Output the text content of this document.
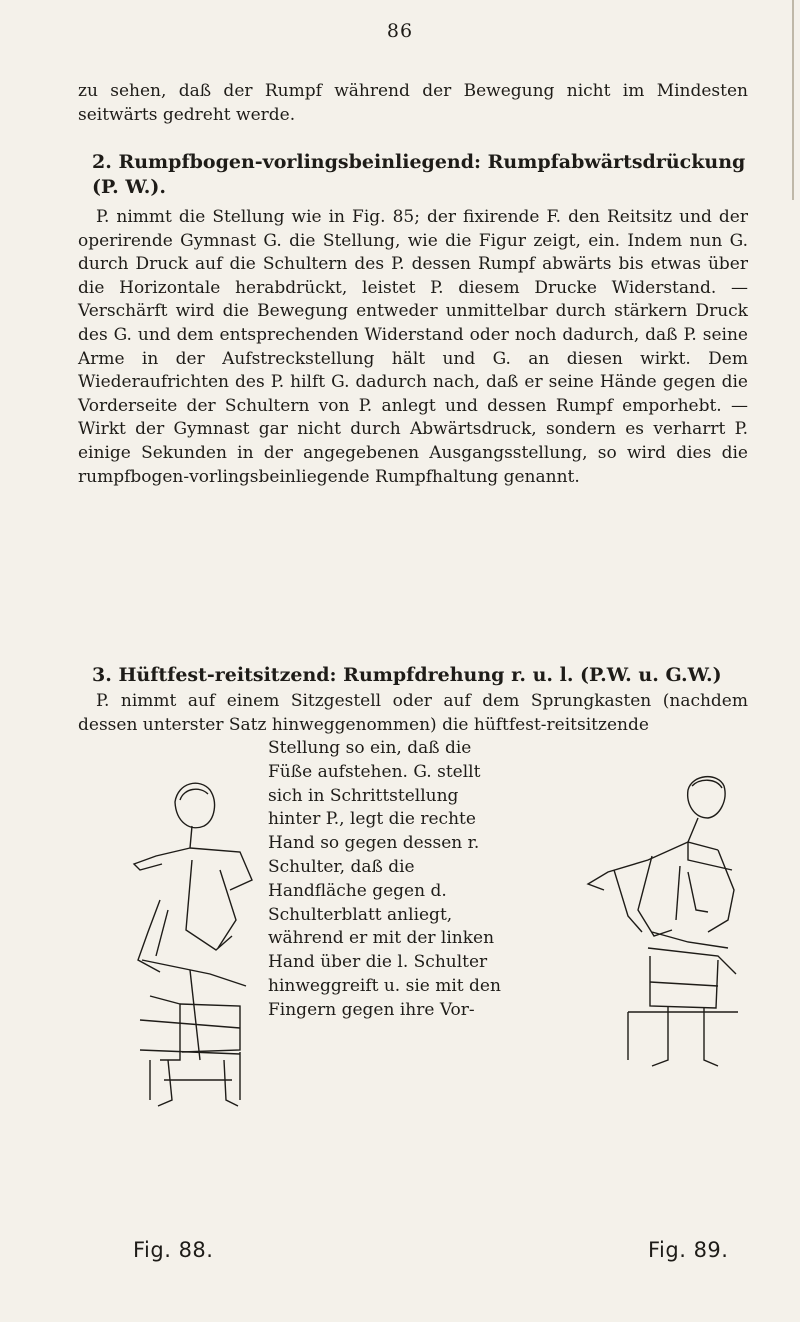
86

zu sehen, daß der Rumpf während der Bewegung nicht im Mindesten seitwärts gedreht werde.

2. Rumpfbogen-vorlingsbeinliegend: Rumpfabwärtsdrückung (P. W.).

P. nimmt die Stellung wie in Fig. 85; der fixirende F. den Reitsitz und der operirende Gymnast G. die Stellung, wie die Figur zeigt, ein. Indem nun G. durch Druck auf die Schultern des P. dessen Rumpf abwärts bis etwas über die Horizontale herabdrückt, leistet P. diesem Drucke Widerstand. — Verschärft wird die Bewegung entweder unmittelbar durch stärkern Druck des G. und dem entsprechenden Widerstand oder noch dadurch, daß P. seine Arme in der Aufstreckstellung hält und G. an diesen wirkt. Dem Wiederaufrichten des P. hilft G. dadurch nach, daß er seine Hände gegen die Vorderseite der Schultern von P. anlegt und dessen Rumpf emporhebt. — Wirkt der Gymnast gar nicht durch Abwärtsdruck, sondern es verharrt P. einige Sekunden in der angegebenen Ausgangsstellung, so wird dies die rumpfbogen-vorlingsbeinliegende Rumpfhaltung genannt.

3. Hüftfest-reitsitzend: Rumpfdrehung r. u. l. (P.W. u. G.W.)

P. nimmt auf einem Sitzgestell oder auf dem Sprungkasten (nachdem dessen unterster Satz hinweggenommen) die hüftfest-reitsitzende

Stellung so ein, daß die Füße aufstehen. G. stellt sich in Schrittstellung hinter P., legt die rechte Hand so gegen dessen r. Schulter, daß die Handfläche gegen d. Schulterblatt anliegt, während er mit der linken Hand über die l. Schulter hinweggreift u. sie mit den Fingern gegen ihre Vor-

Fig. 88.	Fig. 89.
